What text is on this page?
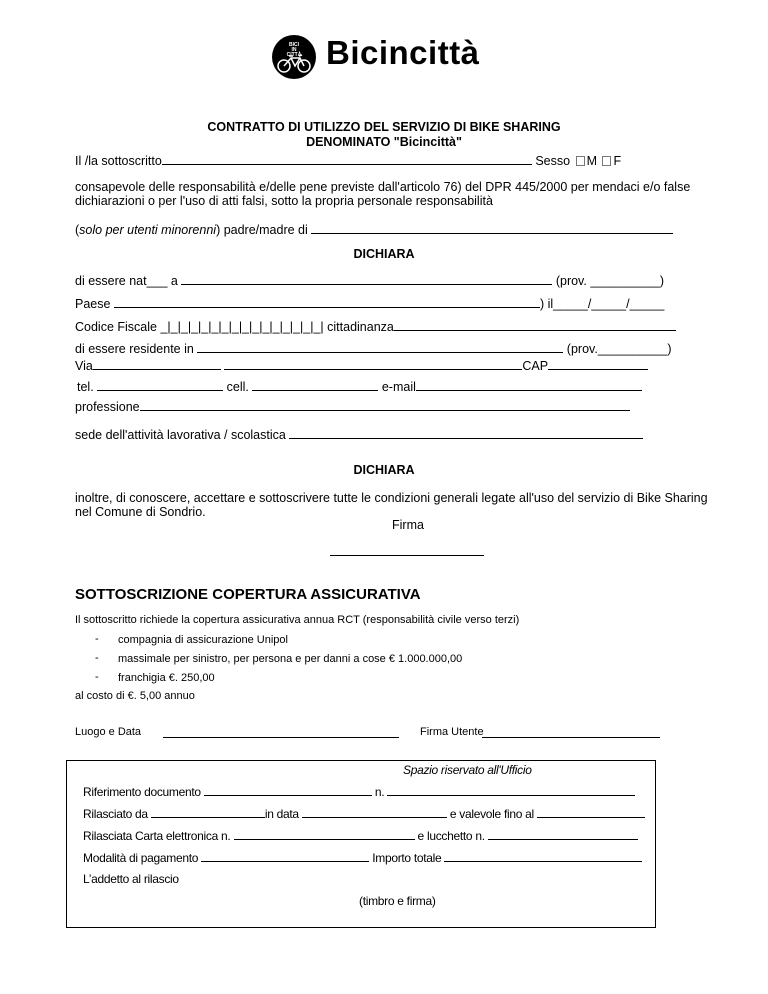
BICI
IN
CITTÀ Bicincittà
CONTRATTO DI UTILIZZO DEL SERVIZIO DI BIKE SHARING
DENOMINATO "Bicincittà"
Il /la sottoscritto	Sesso M F
consapevole delle responsabilità e/delle pene previste dall'articolo 76) del DPR 445/2000 per mendaci e/o false
dichiarazioni o per l'uso di atti falsi, sotto la propria personale responsabilità
(solo per utenti minorenni) padre/madre di
DICHIARA
di essere nat___ a	(prov. __________)
Paese	) il_____/_____/_____
Codice Fiscale _|_|_|_|_|_|_|_|_|_|_|_|_|_|_|_| cittadinanza
di essere residente in	(prov.__________)
Via	CAP
tel.	cell.	e-mail
professione
sede dell'attività lavorativa / scolastica
DICHIARA
inoltre, di conoscere, accettare e sottoscrivere tutte le condizioni generali legate all'uso del servizio di Bike Sharing
nel Comune di Sondrio.
Firma
SOTTOSCRIZIONE COPERTURA ASSICURATIVA
Il sottoscritto richiede la copertura assicurativa annua RCT (responsabilità civile verso terzi)
- compagnia di assicurazione Unipol
- massimale per sinistro, per persona e per danni a cose € 1.000.000,00
- franchigia €. 250,00
al costo di €. 5,00 annuo
Luogo e Data	Firma Utente
Spazio riservato all'Ufficio
Riferimento documento	n.
Rilasciato da	in data	e valevole fino al
Rilasciata Carta elettronica n.	e lucchetto n.
Modalità di pagamento	Importo totale
L’addetto al rilascio
(timbro e firma)
